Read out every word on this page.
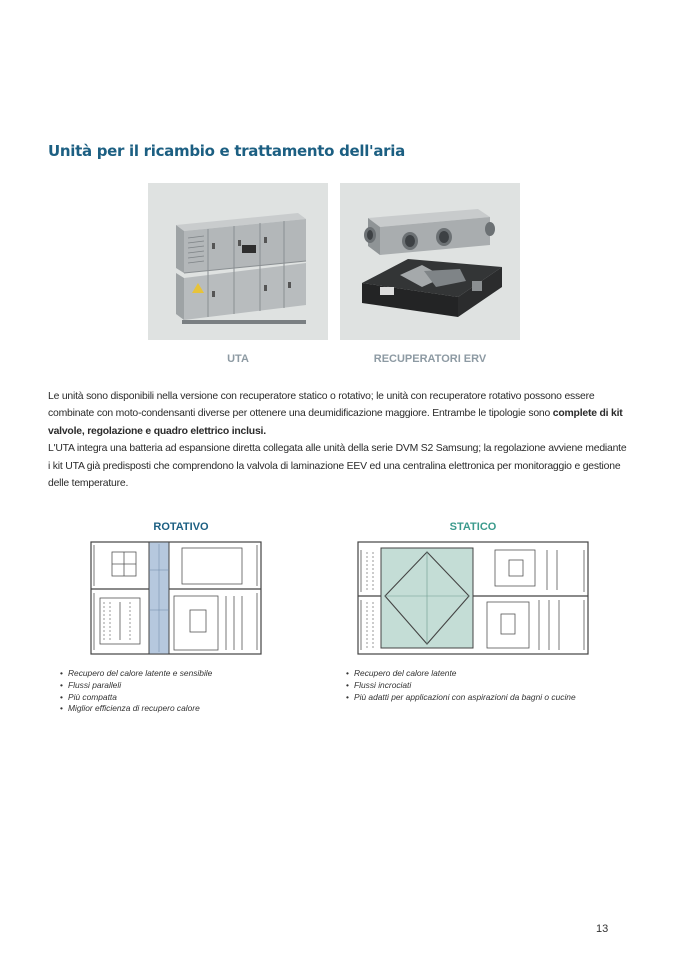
Unità per il ricambio e trattamento dell'aria
UTA	RECUPERATORI ERV

Le unità sono disponibili nella versione con recuperatore statico o rotativo; le unità con recuperatore rotativo possono essere combinate con moto-condensanti diverse per ottenere una deumidificazione maggiore. Entrambe le tipologie sono complete di kit valvole, regolazione e quadro elettrico inclusi.

L'UTA integra una batteria ad espansione diretta collegata alle unità della serie DVM S2 Samsung; la regolazione avviene mediante i kit UTA già predisposti che comprendono la valvola di laminazione EEV ed una centralina elettronica per monitoraggio e gestione delle temperature.

ROTATIVO
• Recupero del calore latente e sensibile
• Flussi paralleli
• Più compatta
• Miglior efficienza di recupero calore
STATICO
• Recupero del calore latente
• Flussi incrociati
• Più adatti per applicazioni con aspirazioni da bagni o cucine
13
